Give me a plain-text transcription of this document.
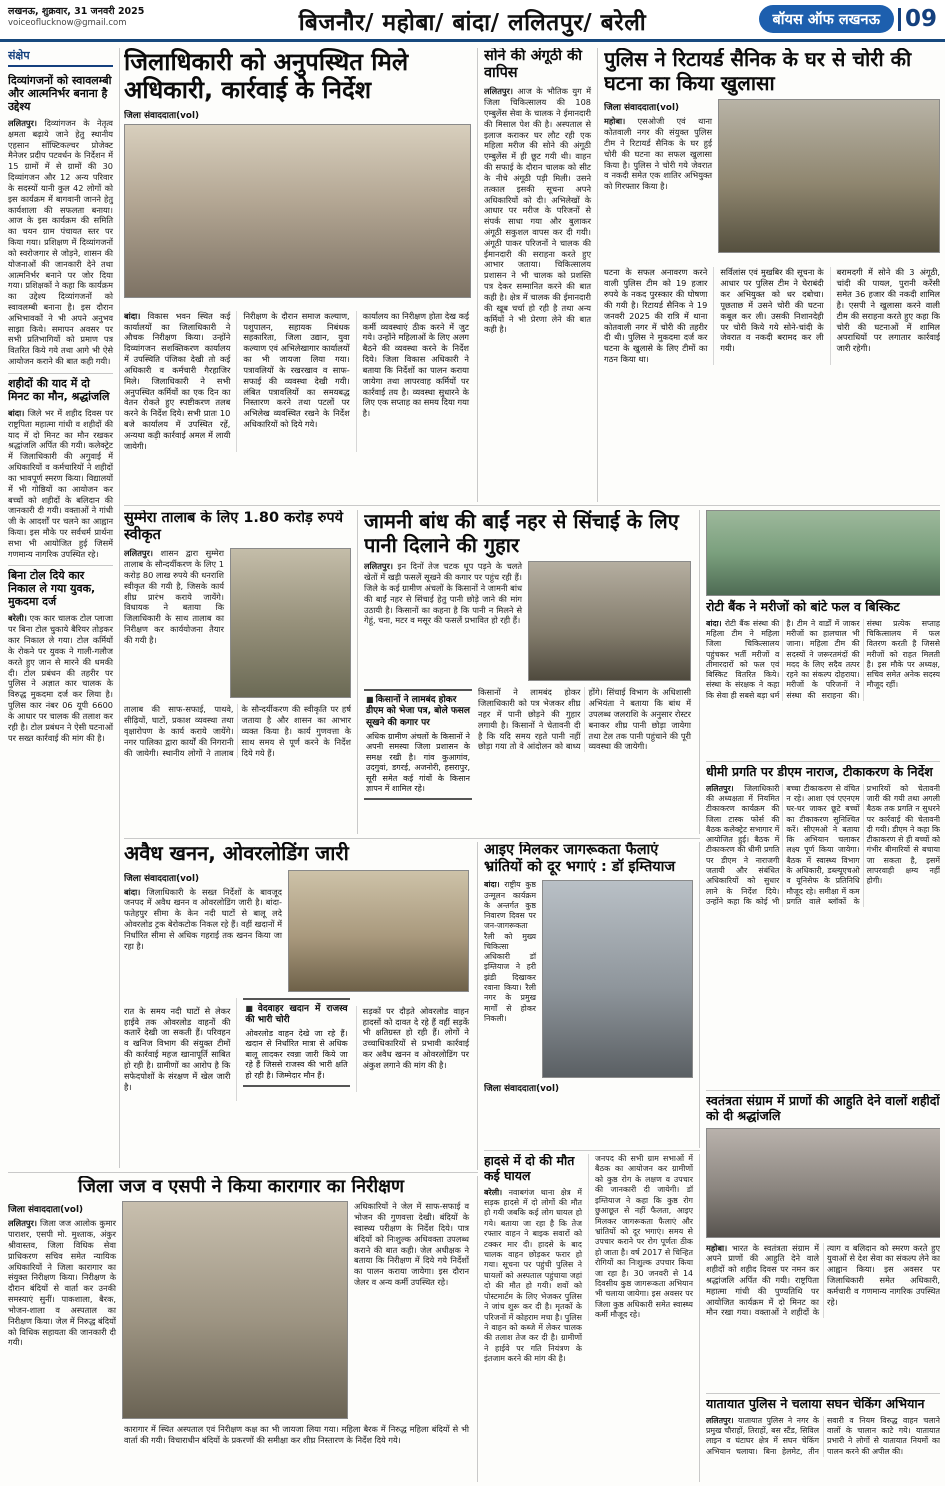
लखनऊ, शुक्रवार, 31 जनवरी 2025
voiceoflucknow@gmail.com	बिजनौर/ महोबा/ बांदा/ ललितपुर/ बरेली	बॉयस ऑफ लखनऊ	09
संक्षेप
दिव्यांगजनों को स्वावलम्बी और आत्मनिर्भर बनाना है उद्देश्य
ललितपुर। दिव्यांगजन के नेतृत्व क्षमता बढ़ाये जाने हेतु स्थानीय एहसान सॉफ्टिकल्चर प्रोजेक्ट मैनेजर प्रदीप पटवर्धन के निर्देशन में 15 ग्रामों में से ग्रामों की 30 दिव्यांगजन और 12 अन्य परिवार के सदस्यों यानी कुल 42 लोगों को इस कार्यक्रम में बागवानी जानने हेतु कार्यशाला की सफलता बनाया। आज के इस कार्यक्रम की समिति का चयन ग्राम पंचायत स्तर पर किया गया। प्रशिक्षण में दिव्यांगजनों को स्वरोजगार से जोड़ने, शासन की योजनाओं की जानकारी देने तथा आत्मनिर्भर बनाने पर जोर दिया गया। प्रशिक्षकों ने कहा कि कार्यक्रम का उद्देश्य दिव्यांगजनों को स्वावलम्बी बनाना है। इस दौरान अभिभावकों ने भी अपने अनुभव साझा किये। समापन अवसर पर सभी प्रतिभागियों को प्रमाण पत्र वितरित किये गये तथा आगे भी ऐसे आयोजन कराने की बात कही गयी।
शहीदों की याद में दो मिनट का मौन, श्रद्धांजलि
बांदा। जिले भर में शहीद दिवस पर राष्ट्रपिता महात्मा गांधी व शहीदों की याद में दो मिनट का मौन रखकर श्रद्धांजलि अर्पित की गयी। कलेक्ट्रेट में जिलाधिकारी की अगुवाई में अधिकारियों व कर्मचारियों ने शहीदों का भावपूर्ण स्मरण किया। विद्यालयों में भी गोष्ठियों का आयोजन कर बच्चों को शहीदों के बलिदान की जानकारी दी गयी। वक्ताओं ने गांधी जी के आदर्शों पर चलने का आह्वान किया। इस मौके पर सर्वधर्म प्रार्थना सभा भी आयोजित हुई जिसमें गणमान्य नागरिक उपस्थित रहे।
बिना टोल दिये कार निकाल ले गया युवक, मुकदमा दर्ज
बरेली। एक कार चालक टोल प्लाजा पर बिना टोल चुकाये बैरियर तोड़कर कार निकाल ले गया। टोल कर्मियों के रोकने पर युवक ने गाली-गलौज करते हुए जान से मारने की धमकी दी। टोल प्रबंधन की तहरीर पर पुलिस ने अज्ञात कार चालक के विरुद्ध मुकदमा दर्ज कर लिया है। पुलिस कार नंबर 06 यूपी 6600 के आधार पर चालक की तलाश कर रही है। टोल प्रबंधन ने ऐसी घटनाओं पर सख्त कार्रवाई की मांग की है।
जिलाधिकारी को अनुपस्थित मिले अधिकारी, कार्रवाई के निर्देश
जिला संवाददाता(vol)

बांदा। विकास भवन स्थित कई कार्यालयों का जिलाधिकारी ने औचक निरीक्षण किया। उन्होंने दिव्यांगजन सशक्तिकरण कार्यालय में उपस्थिति पंजिका देखी तो कई अधिकारी व कर्मचारी गैरहाजिर मिले। जिलाधिकारी ने सभी अनुपस्थित कर्मियों का एक दिन का वेतन रोकते हुए स्पष्टीकरण तलब करने के निर्देश दिये। सभी प्रातः 10 बजे कार्यालय में उपस्थित रहें, अन्यथा कड़ी कार्रवाई अमल में लायी जायेगी।

निरीक्षण के दौरान समाज कल्याण, पशुपालन, सहायक निबंधक सहकारिता, जिला उद्यान, युवा कल्याण एवं अभिलेखागार कार्यालयों का भी जायजा लिया गया। पत्रावलियों के रखरखाव व साफ-सफाई की व्यवस्था देखी गयी। लंबित पत्रावलियों का समयबद्ध निस्तारण करने तथा पटलों पर अभिलेख व्यवस्थित रखने के निर्देश अधिकारियों को दिये गये।

कार्यालय का निरीक्षण होता देख कई कर्मी व्यवस्थाएं ठीक करने में जुट गये। उन्होंने महिलाओं के लिए अलग बैठने की व्यवस्था करने के निर्देश दिये। जिला विकास अधिकारी ने बताया कि निर्देशों का पालन कराया जायेगा तथा लापरवाह कर्मियों पर कार्रवाई तय है। व्यवस्था सुधारने के लिए एक सप्ताह का समय दिया गया है।

सोने की अंगूठी की वापिस

ललितपुर। आज के भौतिक युग में जिला चिकित्सालय की 108 एम्बुलेंस सेवा के चालक ने ईमानदारी की मिसाल पेश की है। अस्पताल से इलाज कराकर घर लौट रही एक महिला मरीज की सोने की अंगूठी एम्बुलेंस में ही छूट गयी थी। वाहन की सफाई के दौरान चालक को सीट के नीचे अंगूठी पड़ी मिली। उसने तत्काल इसकी सूचना अपने अधिकारियों को दी। अभिलेखों के आधार पर मरीज के परिजनों से संपर्क साधा गया और बुलाकर अंगूठी सकुशल वापस कर दी गयी। अंगूठी पाकर परिजनों ने चालक की ईमानदारी की सराहना करते हुए आभार जताया। चिकित्सालय प्रशासन ने भी चालक को प्रशस्ति पत्र देकर सम्मानित करने की बात कही है। क्षेत्र में चालक की ईमानदारी की खूब चर्चा हो रही है तथा अन्य कर्मियों ने भी प्रेरणा लेने की बात कही है।

पुलिस ने रिटायर्ड सैनिक के घर से चोरी की घटना का किया खुलासा
जिला संवाददाता(vol)

महोबा। एसओजी एवं थाना कोतवाली नगर की संयुक्त पुलिस टीम ने रिटायर्ड सैनिक के घर हुई चोरी की घटना का सफल खुलासा किया है। पुलिस ने चोरी गये जेवरात व नकदी समेत एक शातिर अभियुक्त को गिरफ्तार किया है।

घटना के सफल अनावरण करने वाली पुलिस टीम को 19 हजार रुपये के नकद पुरस्कार की घोषणा की गयी है। रिटायर्ड सैनिक ने 19 जनवरी 2025 की रात्रि में थाना कोतवाली नगर में चोरी की तहरीर दी थी। पुलिस ने मुकदमा दर्ज कर घटना के खुलासे के लिए टीमों का गठन किया था।

सर्विलांस एवं मुखबिर की सूचना के आधार पर पुलिस टीम ने घेराबंदी कर अभियुक्त को धर दबोचा। पूछताछ में उसने चोरी की घटना कबूल कर ली। उसकी निशानदेही पर चोरी किये गये सोने-चांदी के जेवरात व नकदी बरामद कर ली गयी।

बरामदगी में सोने की 3 अंगूठी, चांदी की पायल, पुरानी करेंसी समेत 36 हजार की नकदी शामिल है। एसपी ने खुलासा करने वाली टीम की सराहना करते हुए कहा कि चोरी की घटनाओं में शामिल अपराधियों पर लगातार कार्रवाई जारी रहेगी।

सुम्मेरा तालाब के लिए 1.80 करोड़ रुपये स्वीकृत

ललितपुर। शासन द्वारा सुम्मेरा तालाब के सौन्दर्यीकरण के लिए 1 करोड़ 80 लाख रुपये की धनराशि स्वीकृत की गयी है, जिसके कार्य शीघ्र प्रारंभ कराये जायेंगे। विधायक ने बताया कि जिलाधिकारी के साथ तालाब का निरीक्षण कर कार्ययोजना तैयार की गयी है।

तालाब की साफ-सफाई, पाथवे, सीढ़ियों, घाटों, प्रकाश व्यवस्था तथा वृक्षारोपण के कार्य कराये जायेंगे। नगर पालिका द्वारा कार्यों की निगरानी की जायेगी। स्थानीय लोगों ने तालाब के सौन्दर्यीकरण की स्वीकृति पर हर्ष जताया है और शासन का आभार व्यक्त किया है। कार्य गुणवत्ता के साथ समय से पूर्ण करने के निर्देश दिये गये हैं।

जामनी बांध की बाईं नहर से सिंचाई के लिए पानी दिलाने की गुहार

ललितपुर। इन दिनों तेज चटक धूप पड़ने के चलते खेतों में खड़ी फसलें सूखने की कगार पर पहुंच रही हैं। जिले के कई ग्रामीण अंचलों के किसानों ने जामनी बांध की बाईं नहर से सिंचाई हेतु पानी छोड़े जाने की मांग उठायी है। किसानों का कहना है कि पानी न मिलने से गेहूं, चना, मटर व मसूर की फसलें प्रभावित हो रही हैं।

■ किसानों ने लामबंद होकर डीएम को भेजा पत्र, बोले फसल सूखने की कगार पर
अधिक ग्रामीण अंचलों के किसानों ने अपनी समस्या जिला प्रशासन के समक्ष रखी है। गांव कुआगांव, उदगुवां, डगरई, अजनोरी, हसरापुर, सूरी समेत कई गांवों के किसान ज्ञापन में शामिल रहे।

किसानों ने लामबंद होकर जिलाधिकारी को पत्र भेजकर शीघ्र नहर में पानी छोड़ने की गुहार लगायी है। किसानों ने चेतावनी दी है कि यदि समय रहते पानी नहीं छोड़ा गया तो वे आंदोलन को बाध्य होंगे। सिंचाई विभाग के अधिशासी अभियंता ने बताया कि बांध में उपलब्ध जलराशि के अनुसार रोस्टर बनाकर शीघ्र पानी छोड़ा जायेगा तथा टेल तक पानी पहुंचाने की पूरी व्यवस्था की जायेगी।

रोटी बैंक ने मरीजों को बांटे फल व बिस्किट

बांदा। रोटी बैंक संस्था की महिला टीम ने महिला जिला चिकित्सालय पहुंचकर भर्ती मरीजों व तीमारदारों को फल एवं बिस्किट वितरित किये। संस्था के संरक्षक ने कहा कि सेवा ही सबसे बड़ा धर्म है। टीम ने वार्डों में जाकर मरीजों का हालचाल भी जाना। महिला टीम की सदस्यों ने जरूरतमंदों की मदद के लिए सदैव तत्पर रहने का संकल्प दोहराया। मरीजों के परिजनों ने संस्था की सराहना की। संस्था प्रत्येक सप्ताह चिकित्सालय में फल वितरण करती है जिससे मरीजों को राहत मिलती है। इस मौके पर अध्यक्ष, सचिव समेत अनेक सदस्य मौजूद रहीं।

धीमी प्रगति पर डीएम नाराज, टीकाकरण के निर्देश

ललितपुर। जिलाधिकारी की अध्यक्षता में नियमित टीकाकरण कार्यक्रम की जिला टास्क फोर्स की बैठक कलेक्ट्रेट सभागार में आयोजित हुई। बैठक में टीकाकरण की धीमी प्रगति पर डीएम ने नाराजगी जतायी और संबंधित अधिकारियों को सुधार लाने के निर्देश दिये। उन्होंने कहा कि कोई भी बच्चा टीकाकरण से वंचित न रहे। आशा एवं एएनएम घर-घर जाकर छूटे बच्चों का टीकाकरण सुनिश्चित करें। सीएमओ ने बताया कि अभियान चलाकर लक्ष्य पूर्ण किया जायेगा। बैठक में स्वास्थ्य विभाग के अधिकारी, डब्ल्यूएचओ व यूनिसेफ के प्रतिनिधि मौजूद रहे। समीक्षा में कम प्रगति वाले ब्लॉकों के प्रभारियों को चेतावनी जारी की गयी तथा अगली बैठक तक प्रगति न सुधरने पर कार्रवाई की चेतावनी दी गयी। डीएम ने कहा कि टीकाकरण से ही बच्चों को गंभीर बीमारियों से बचाया जा सकता है, इसमें लापरवाही क्षम्य नहीं होगी।

अवैध खनन, ओवरलोडिंग जारी
जिला संवाददाता(vol)

बांदा। जिलाधिकारी के सख्त निर्देशों के बावजूद जनपद में अवैध खनन व ओवरलोडिंग जारी है। बांदा-फतेहपुर सीमा के केन नदी घाटों से बालू लदे ओवरलोड ट्रक बेरोकटोक निकल रहे हैं। वहीं खदानों में निर्धारित सीमा से अधिक गहराई तक खनन किया जा रहा है।

रात के समय नदी घाटों से लेकर हाईवे तक ओवरलोड वाहनों की कतारें देखी जा सकती हैं। परिवहन व खनिज विभाग की संयुक्त टीमों की कार्रवाई महज खानापूर्ति साबित हो रही है। ग्रामीणों का आरोप है कि सफेदपोशों के संरक्षण में खेल जारी है।

■ वेदवाहर खदान में राजस्व की भारी चोरी
ओवरलोड वाहन देखे जा रहे हैं। खदान से निर्धारित मात्रा से अधिक बालू लादकर रवन्ना जारी किये जा रहे हैं जिससे राजस्व की भारी क्षति हो रही है। जिम्मेदार मौन हैं।

सड़कों पर दौड़ते ओवरलोड वाहन हादसों को दावत दे रहे हैं वहीं सड़कें भी क्षतिग्रस्त हो रही हैं। लोगों ने उच्चाधिकारियों से प्रभावी कार्रवाई कर अवैध खनन व ओवरलोडिंग पर अंकुश लगाने की मांग की है।

आइए मिलकर जागरूकता फैलाएं भ्रांतियों को दूर भगाएं : डॉ इम्तियाज

बांदा। राष्ट्रीय कुष्ठ उन्मूलन कार्यक्रम के अन्तर्गत कुष्ठ निवारण दिवस पर जन-जागरूकता रैली को मुख्य चिकित्सा अधिकारी डॉ इम्तियाज ने हरी झंडी दिखाकर रवाना किया। रैली नगर के प्रमुख मार्गों से होकर निकली।

जिला संवाददाता(vol)
हादसे में दो की मौत कई घायल

बरेली। नवाबगंज थाना क्षेत्र में सड़क हादसे में दो लोगों की मौत हो गयी जबकि कई लोग घायल हो गये। बताया जा रहा है कि तेज रफ्तार वाहन ने बाइक सवारों को टक्कर मार दी। हादसे के बाद चालक वाहन छोड़कर फरार हो गया। सूचना पर पहुंची पुलिस ने घायलों को अस्पताल पहुंचाया जहां दो की मौत हो गयी। शवों को पोस्टमार्टम के लिए भेजकर पुलिस ने जांच शुरू कर दी है। मृतकों के परिजनों में कोहराम मचा है। पुलिस ने वाहन को कब्जे में लेकर चालक की तलाश तेज कर दी है। ग्रामीणों ने हाईवे पर गति नियंत्रण के इंतजाम करने की मांग की है।

जनपद की सभी ग्राम सभाओं में बैठक का आयोजन कर ग्रामीणों को कुष्ठ रोग के लक्षण व उपचार की जानकारी दी जायेगी। डॉ इम्तियाज ने कहा कि कुष्ठ रोग छुआछूत से नहीं फैलता, आइए मिलकर जागरूकता फैलाएं और भ्रांतियों को दूर भगाएं। समय से उपचार कराने पर रोग पूर्णतः ठीक हो जाता है। वर्ष 2017 से चिन्हित रोगियों का निःशुल्क उपचार किया जा रहा है। 30 जनवरी से 14 दिवसीय कुष्ठ जागरूकता अभियान भी चलाया जायेगा। इस अवसर पर जिला कुष्ठ अधिकारी समेत स्वास्थ्य कर्मी मौजूद रहे।

स्वतंत्रता संग्राम में प्राणों की आहुति देने वालों शहीदों को दी श्रद्धांजलि

महोबा। भारत के स्वतंत्रता संग्राम में अपने प्राणों की आहुति देने वाले शहीदों को शहीद दिवस पर नमन कर श्रद्धांजलि अर्पित की गयी। राष्ट्रपिता महात्मा गांधी की पुण्यतिथि पर आयोजित कार्यक्रम में दो मिनट का मौन रखा गया। वक्ताओं ने शहीदों के त्याग व बलिदान को स्मरण करते हुए युवाओं से देश सेवा का संकल्प लेने का आह्वान किया। इस अवसर पर जिलाधिकारी समेत अधिकारी, कर्मचारी व गणमान्य नागरिक उपस्थित रहे।

यातायात पुलिस ने चलाया सघन चेकिंग अभियान

ललितपुर। यातायात पुलिस ने नगर के प्रमुख चौराहों, तिराहों, बस स्टैंड, सिविल लाइन व घंटाघर क्षेत्र में सघन चेकिंग अभियान चलाया। बिना हेलमेट, तीन सवारी व नियम विरुद्ध वाहन चलाने वालों के चालान काटे गये। यातायात प्रभारी ने लोगों से यातायात नियमों का पालन करने की अपील की।

जिला जज व एसपी ने किया कारागार का निरीक्षण
जिला संवाददाता(vol)

ललितपुर। जिला जज आलोक कुमार पाराशर, एसपी मो. मुश्ताक, अंकुर श्रीवास्तव, जिला विधिक सेवा प्राधिकरण सचिव समेत न्यायिक अधिकारियों ने जिला कारागार का संयुक्त निरीक्षण किया। निरीक्षण के दौरान बंदियों से वार्ता कर उनकी समस्याएं सुनीं। पाकशाला, बैरक, भोजन-शाला व अस्पताल का निरीक्षण किया। जेल में निरुद्ध बंदियों को विधिक सहायता की जानकारी दी गयी।

अधिकारियों ने जेल में साफ-सफाई व भोजन की गुणवत्ता देखी। बंदियों के स्वास्थ्य परीक्षण के निर्देश दिये। पात्र बंदियों को निःशुल्क अधिवक्ता उपलब्ध कराने की बात कही। जेल अधीक्षक ने बताया कि निरीक्षण में दिये गये निर्देशों का पालन कराया जायेगा। इस दौरान जेलर व अन्य कर्मी उपस्थित रहे।

कारागार में स्थित अस्पताल एवं निरीक्षण कक्ष का भी जायजा लिया गया। महिला बैरक में निरुद्ध महिला बंदियों से भी वार्ता की गयी। विचाराधीन बंदियों के प्रकरणों की समीक्षा कर शीघ्र निस्तारण के निर्देश दिये गये।
